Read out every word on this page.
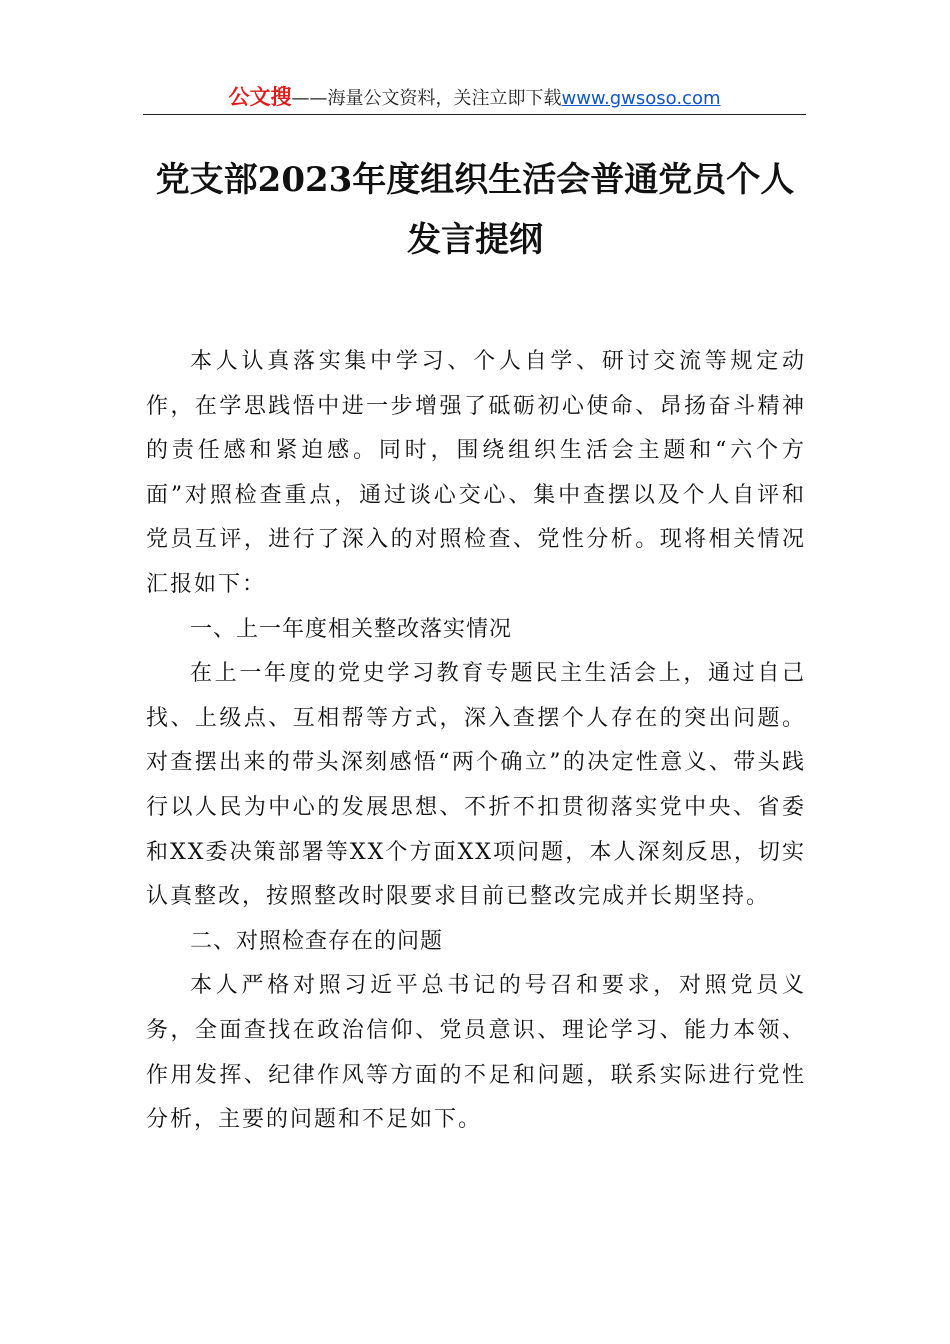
公文搜——海量公文资料，关注立即下载www.gwsoso.com
党支部2023年度组织生活会普通党员个人
发言提纲

本人认真落实集中学习、个人自学、研讨交流等规定动作，在学思践悟中进一步增强了砥砺初心使命、昂扬奋斗精神的责任感和紧迫感。同时，围绕组织生活会主题和“六个方面”对照检查重点，通过谈心交心、集中查摆以及个人自评和党员互评，进行了深入的对照检查、党性分析。现将相关情况汇报如下：

一、上一年度相关整改落实情况

在上一年度的党史学习教育专题民主生活会上，通过自己找、上级点、互相帮等方式，深入查摆个人存在的突出问题。对查摆出来的带头深刻感悟“两个确立”的决定性意义、带头践行以人民为中心的发展思想、不折不扣贯彻落实党中央、省委和XX委决策部署等XX个方面XX项问题，本人深刻反思，切实认真整改，按照整改时限要求目前已整改完成并长期坚持。

二、对照检查存在的问题

本人严格对照习近平总书记的号召和要求，对照党员义务，全面查找在政治信仰、党员意识、理论学习、能力本领、作用发挥、纪律作风等方面的不足和问题，联系实际进行党性分析，主要的问题和不足如下。
